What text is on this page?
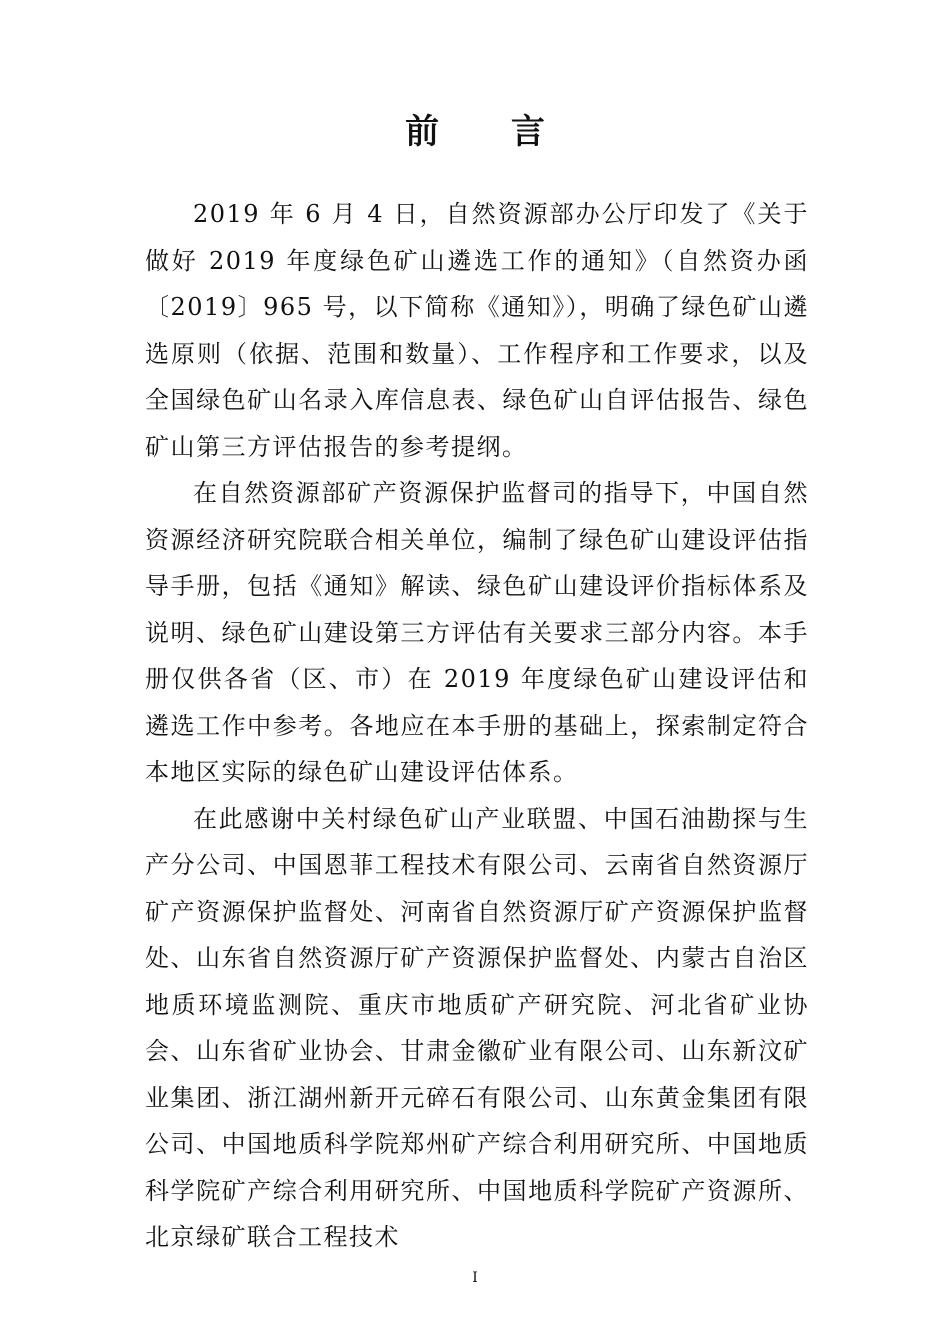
前 言

2019 年 6 月 4 日，自然资源部办公厅印发了《关于做好 2019 年度绿色矿山遴选工作的通知》（自然资办函〔2019〕965 号，以下简称《通知》），明确了绿色矿山遴选原则（依据、范围和数量）、工作程序和工作要求，以及全国绿色矿山名录入库信息表、绿色矿山自评估报告、绿色矿山第三方评估报告的参考提纲。

在自然资源部矿产资源保护监督司的指导下，中国自然资源经济研究院联合相关单位，编制了绿色矿山建设评估指导手册，包括《通知》解读、绿色矿山建设评价指标体系及说明、绿色矿山建设第三方评估有关要求三部分内容。本手册仅供各省（区、市）在 2019 年度绿色矿山建设评估和遴选工作中参考。各地应在本手册的基础上，探索制定符合本地区实际的绿色矿山建设评估体系。

在此感谢中关村绿色矿山产业联盟、中国石油勘探与生产分公司、中国恩菲工程技术有限公司、云南省自然资源厅矿产资源保护监督处、河南省自然资源厅矿产资源保护监督处、山东省自然资源厅矿产资源保护监督处、内蒙古自治区地质环境监测院、重庆市地质矿产研究院、河北省矿业协会、山东省矿业协会、甘肃金徽矿业有限公司、山东新汶矿业集团、浙江湖州新开元碎石有限公司、山东黄金集团有限公司、中国地质科学院郑州矿产综合利用研究所、中国地质科学院矿产综合利用研究所、中国地质科学院矿产资源所、北京绿矿联合工程技术

I
